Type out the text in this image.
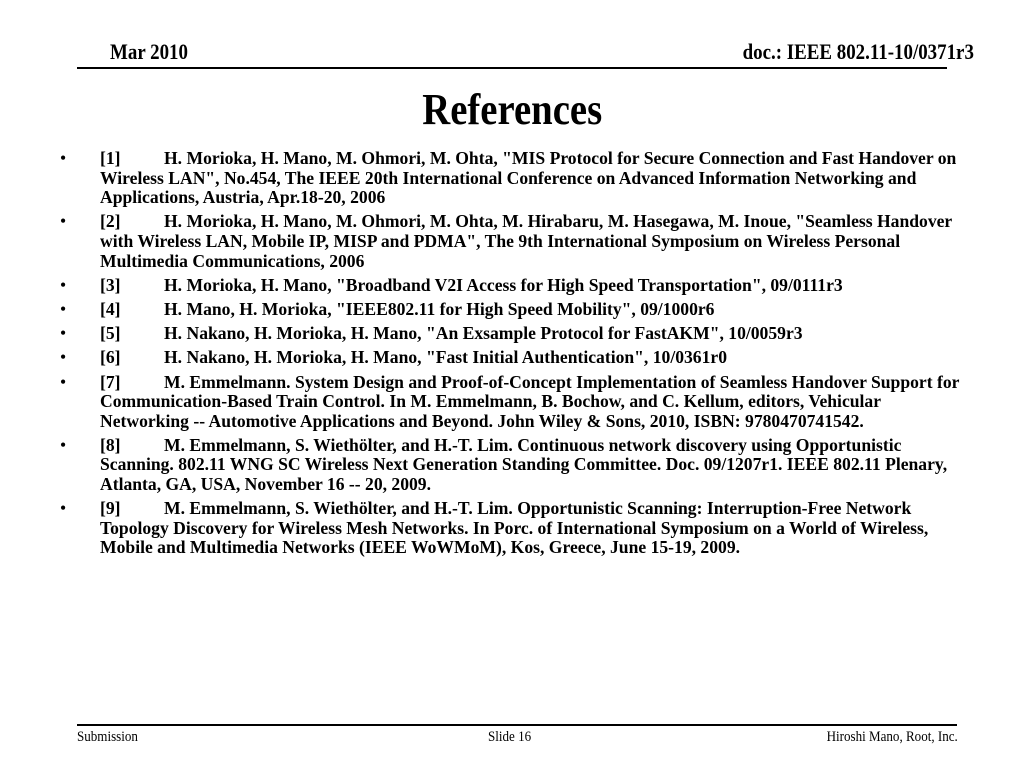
Mar 2010	doc.: IEEE 802.11-10/0371r3
References
•	[1] H. Morioka, H. Mano, M. Ohmori, M. Ohta, "MIS Protocol for Secure Connection and Fast Handover on Wireless LAN", No.454, The IEEE 20th International Conference on Advanced Information Networking and Applications, Austria, Apr.18-20, 2006
•	[2] H. Morioka, H. Mano, M. Ohmori, M. Ohta, M. Hirabaru, M. Hasegawa, M. Inoue, "Seamless Handover with Wireless LAN, Mobile IP, MISP and PDMA", The 9th International Symposium on Wireless Personal Multimedia Communications, 2006
•	[3] H. Morioka, H. Mano, "Broadband V2I Access for High Speed Transportation", 09/0111r3
•	[4] H. Mano, H. Morioka, "IEEE802.11 for High Speed Mobility", 09/1000r6
•	[5] H. Nakano, H. Morioka, H. Mano, "An Exsample Protocol for FastAKM", 10/0059r3
•	[6] H. Nakano, H. Morioka, H. Mano, "Fast Initial Authentication", 10/0361r0
•	[7] M. Emmelmann. System Design and Proof-of-Concept Implementation of Seamless Handover Support for Communication-Based Train Control. In M. Emmelmann, B. Bochow, and C. Kellum, editors, Vehicular Networking -- Automotive Applications and Beyond. John Wiley & Sons, 2010, ISBN: 9780470741542.
•	[8] M. Emmelmann, S. Wiethölter, and H.-T. Lim. Continuous network discovery using Opportunistic Scanning. 802.11 WNG SC Wireless Next Generation Standing Committee. Doc. 09/1207r1. IEEE 802.11 Plenary, Atlanta, GA, USA, November 16 -- 20, 2009.
•	[9] M. Emmelmann, S. Wiethölter, and H.-T. Lim. Opportunistic Scanning: Interruption-Free Network Topology Discovery for Wireless Mesh Networks. In Porc. of International Symposium on a World of Wireless, Mobile and Multimedia Networks (IEEE WoWMoM), Kos, Greece, June 15-19, 2009.
Submission	Slide 16	Hiroshi Mano, Root, Inc.
